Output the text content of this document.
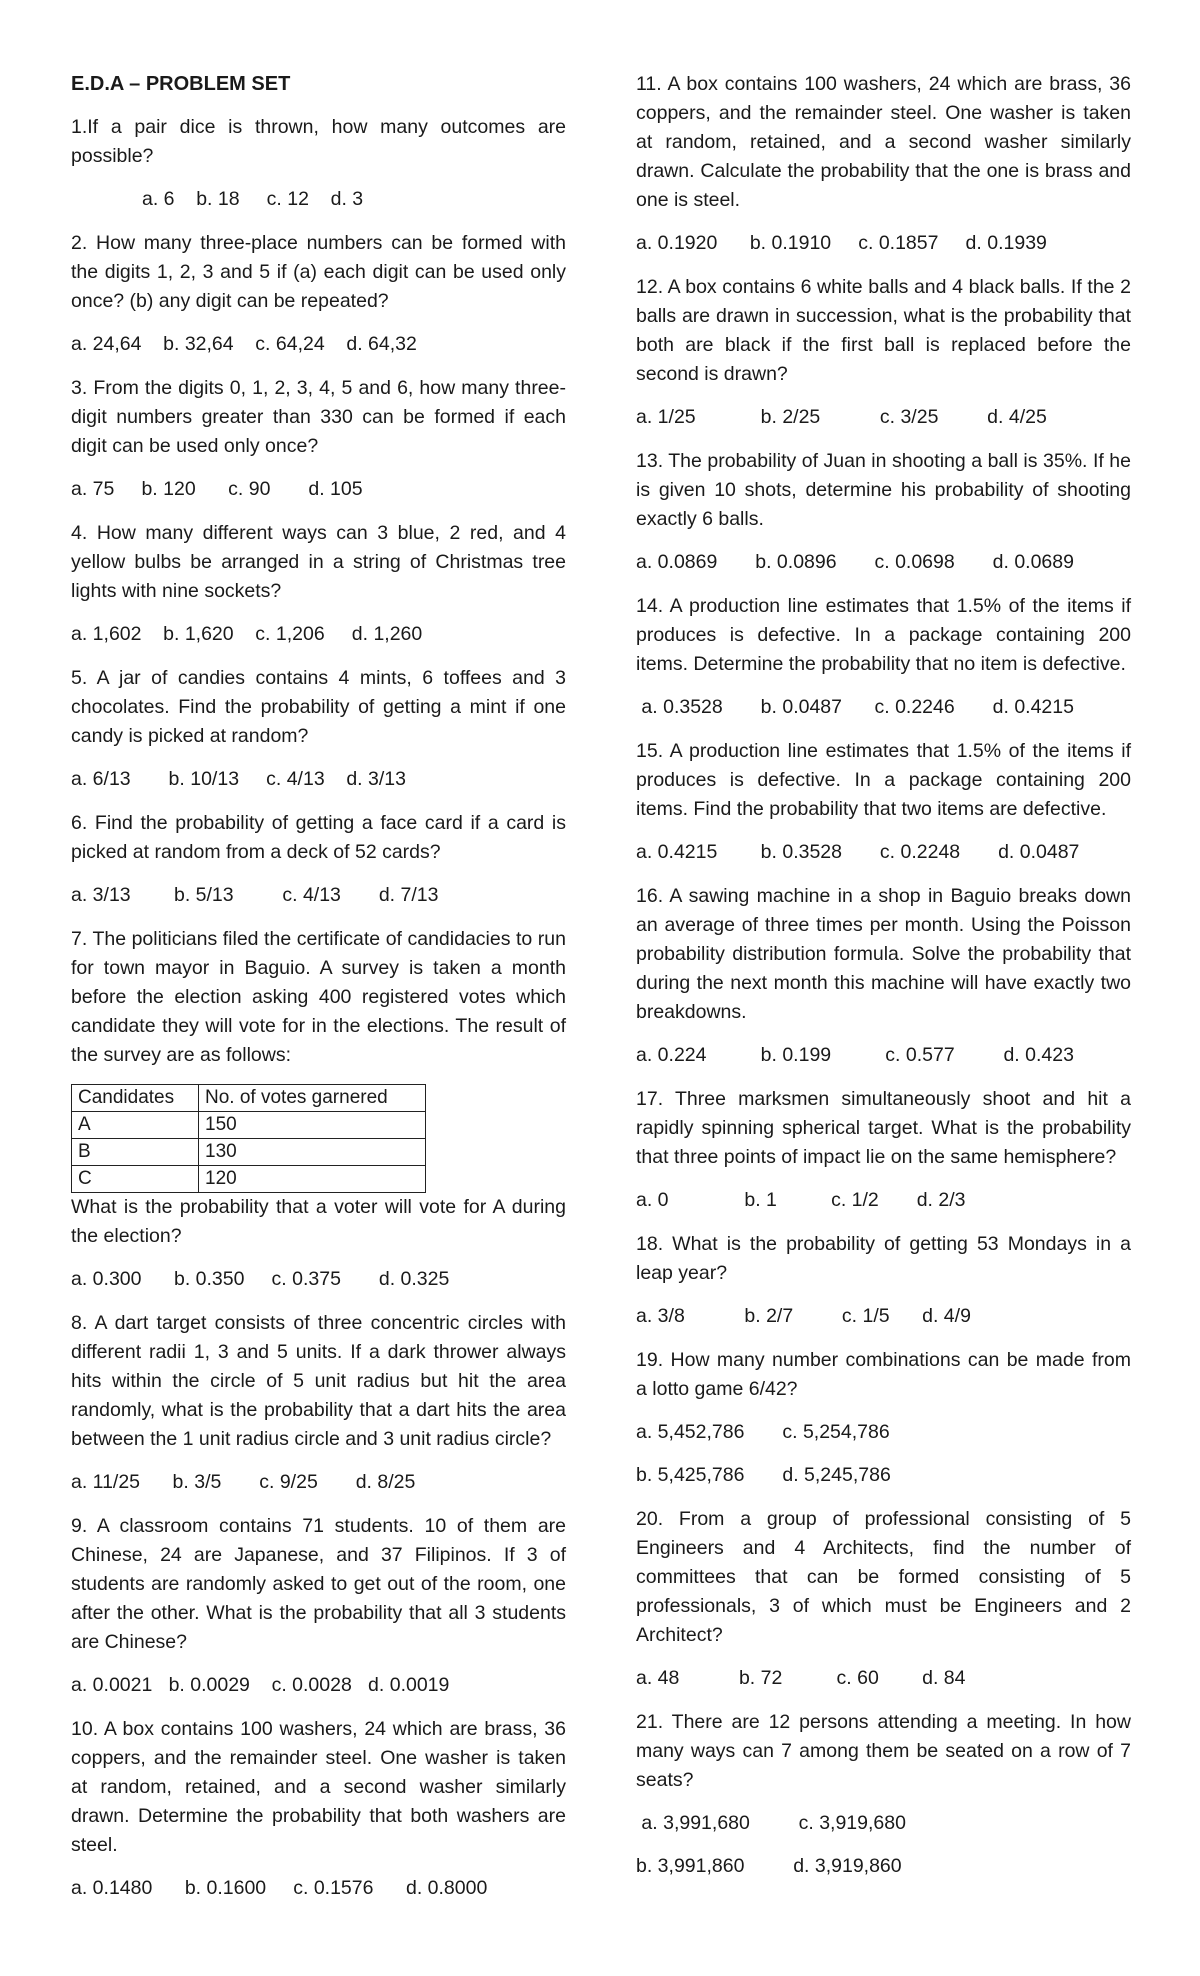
E.D.A – PROBLEM SET

1.If a pair dice is thrown, how many outcomes are possible?

a. 6    b. 18     c. 12    d. 3

2. How many three-place numbers can be formed with the digits 1, 2, 3 and 5 if (a) each digit can be used only once? (b) any digit can be repeated?

a. 24,64    b. 32,64    c. 64,24    d. 64,32

3. From the digits 0, 1, 2, 3, 4, 5 and 6, how many three-digit numbers greater than 330 can be formed if each digit can be used only once?

a. 75     b. 120      c. 90       d. 105

4. How many different ways can 3 blue, 2 red, and 4 yellow bulbs be arranged in a string of Christmas tree lights with nine sockets?

a. 1,602    b. 1,620    c. 1,206     d. 1,260

5. A jar of candies contains 4 mints, 6 toffees and 3 chocolates. Find the probability of getting a mint if one candy is picked at random?

a. 6/13       b. 10/13     c. 4/13    d. 3/13

6. Find the probability of getting a face card if a card is picked at random from a deck of 52 cards?

a. 3/13        b. 5/13         c. 4/13       d. 7/13

7. The politicians filed the certificate of candidacies to run for town mayor in Baguio. A survey is taken a month before the election asking 400 registered votes which candidate they will vote for in the elections. The result of the survey are as follows:

Candidates	No. of votes garnered
A	150
B	130
C	120
What is the probability that a voter will vote for A during the election?
a. 0.300      b. 0.350     c. 0.375       d. 0.325

8. A dart target consists of three concentric circles with different radii 1, 3 and 5 units. If a dark thrower always hits within the circle of 5 unit radius but hit the area randomly, what is the probability that a dart hits the area between the 1 unit radius circle and 3 unit radius circle?

a. 11/25      b. 3/5       c. 9/25       d. 8/25

9. A classroom contains 71 students. 10 of them are Chinese, 24 are Japanese, and 37 Filipinos. If 3 of students are randomly asked to get out of the room, one after the other. What is the probability that all 3 students are Chinese?

a. 0.0021   b. 0.0029    c. 0.0028   d. 0.0019

10. A box contains 100 washers, 24 which are brass, 36 coppers, and the remainder steel. One washer is taken at random, retained, and a second washer similarly drawn. Determine the probability that both washers are steel.

a. 0.1480      b. 0.1600     c. 0.1576      d. 0.8000

11. A box contains 100 washers, 24 which are brass, 36 coppers, and the remainder steel. One washer is taken at random, retained, and a second washer similarly drawn. Calculate the probability that the one is brass and one is steel.

a. 0.1920      b. 0.1910     c. 0.1857     d. 0.1939

12. A box contains 6 white balls and 4 black balls. If the 2 balls are drawn in succession, what is the probability that both are black if the first ball is replaced before the second is drawn?

a. 1/25            b. 2/25           c. 3/25         d. 4/25

13. The probability of Juan in shooting a ball is 35%. If he is given 10 shots, determine his probability of shooting exactly 6 balls.

a. 0.0869       b. 0.0896       c. 0.0698       d. 0.0689

14. A production line estimates that 1.5% of the items if produces is defective. In a package containing 200 items. Determine the probability that no item is defective.

a. 0.3528       b. 0.0487      c. 0.2246       d. 0.4215

15. A production line estimates that 1.5% of the items if produces is defective. In a package containing 200 items. Find the probability that two items are defective.

a. 0.4215        b. 0.3528       c. 0.2248       d. 0.0487

16. A sawing machine in a shop in Baguio breaks down an average of three times per month. Using the Poisson probability distribution formula. Solve the probability that during the next month this machine will have exactly two breakdowns.

a. 0.224          b. 0.199          c. 0.577         d. 0.423

17. Three marksmen simultaneously shoot and hit a rapidly spinning spherical target. What is the probability that three points of impact lie on the same hemisphere?

a. 0              b. 1          c. 1/2       d. 2/3

18. What is the probability of getting 53 Mondays in a leap year?

a. 3/8           b. 2/7         c. 1/5      d. 4/9

19. How many number combinations can be made from a lotto game 6/42?

a. 5,452,786       c. 5,254,786
b. 5,425,786       d. 5,245,786

20. From a group of professional consisting of 5 Engineers and 4 Architects, find the number of committees that can be formed consisting of 5 professionals, 3 of which must be Engineers and 2 Architect?

a. 48           b. 72          c. 60        d. 84

21. There are 12 persons attending a meeting. In how many ways can 7 among them be seated on a row of 7 seats?

a. 3,991,680         c. 3,919,680
b. 3,991,860         d. 3,919,860
